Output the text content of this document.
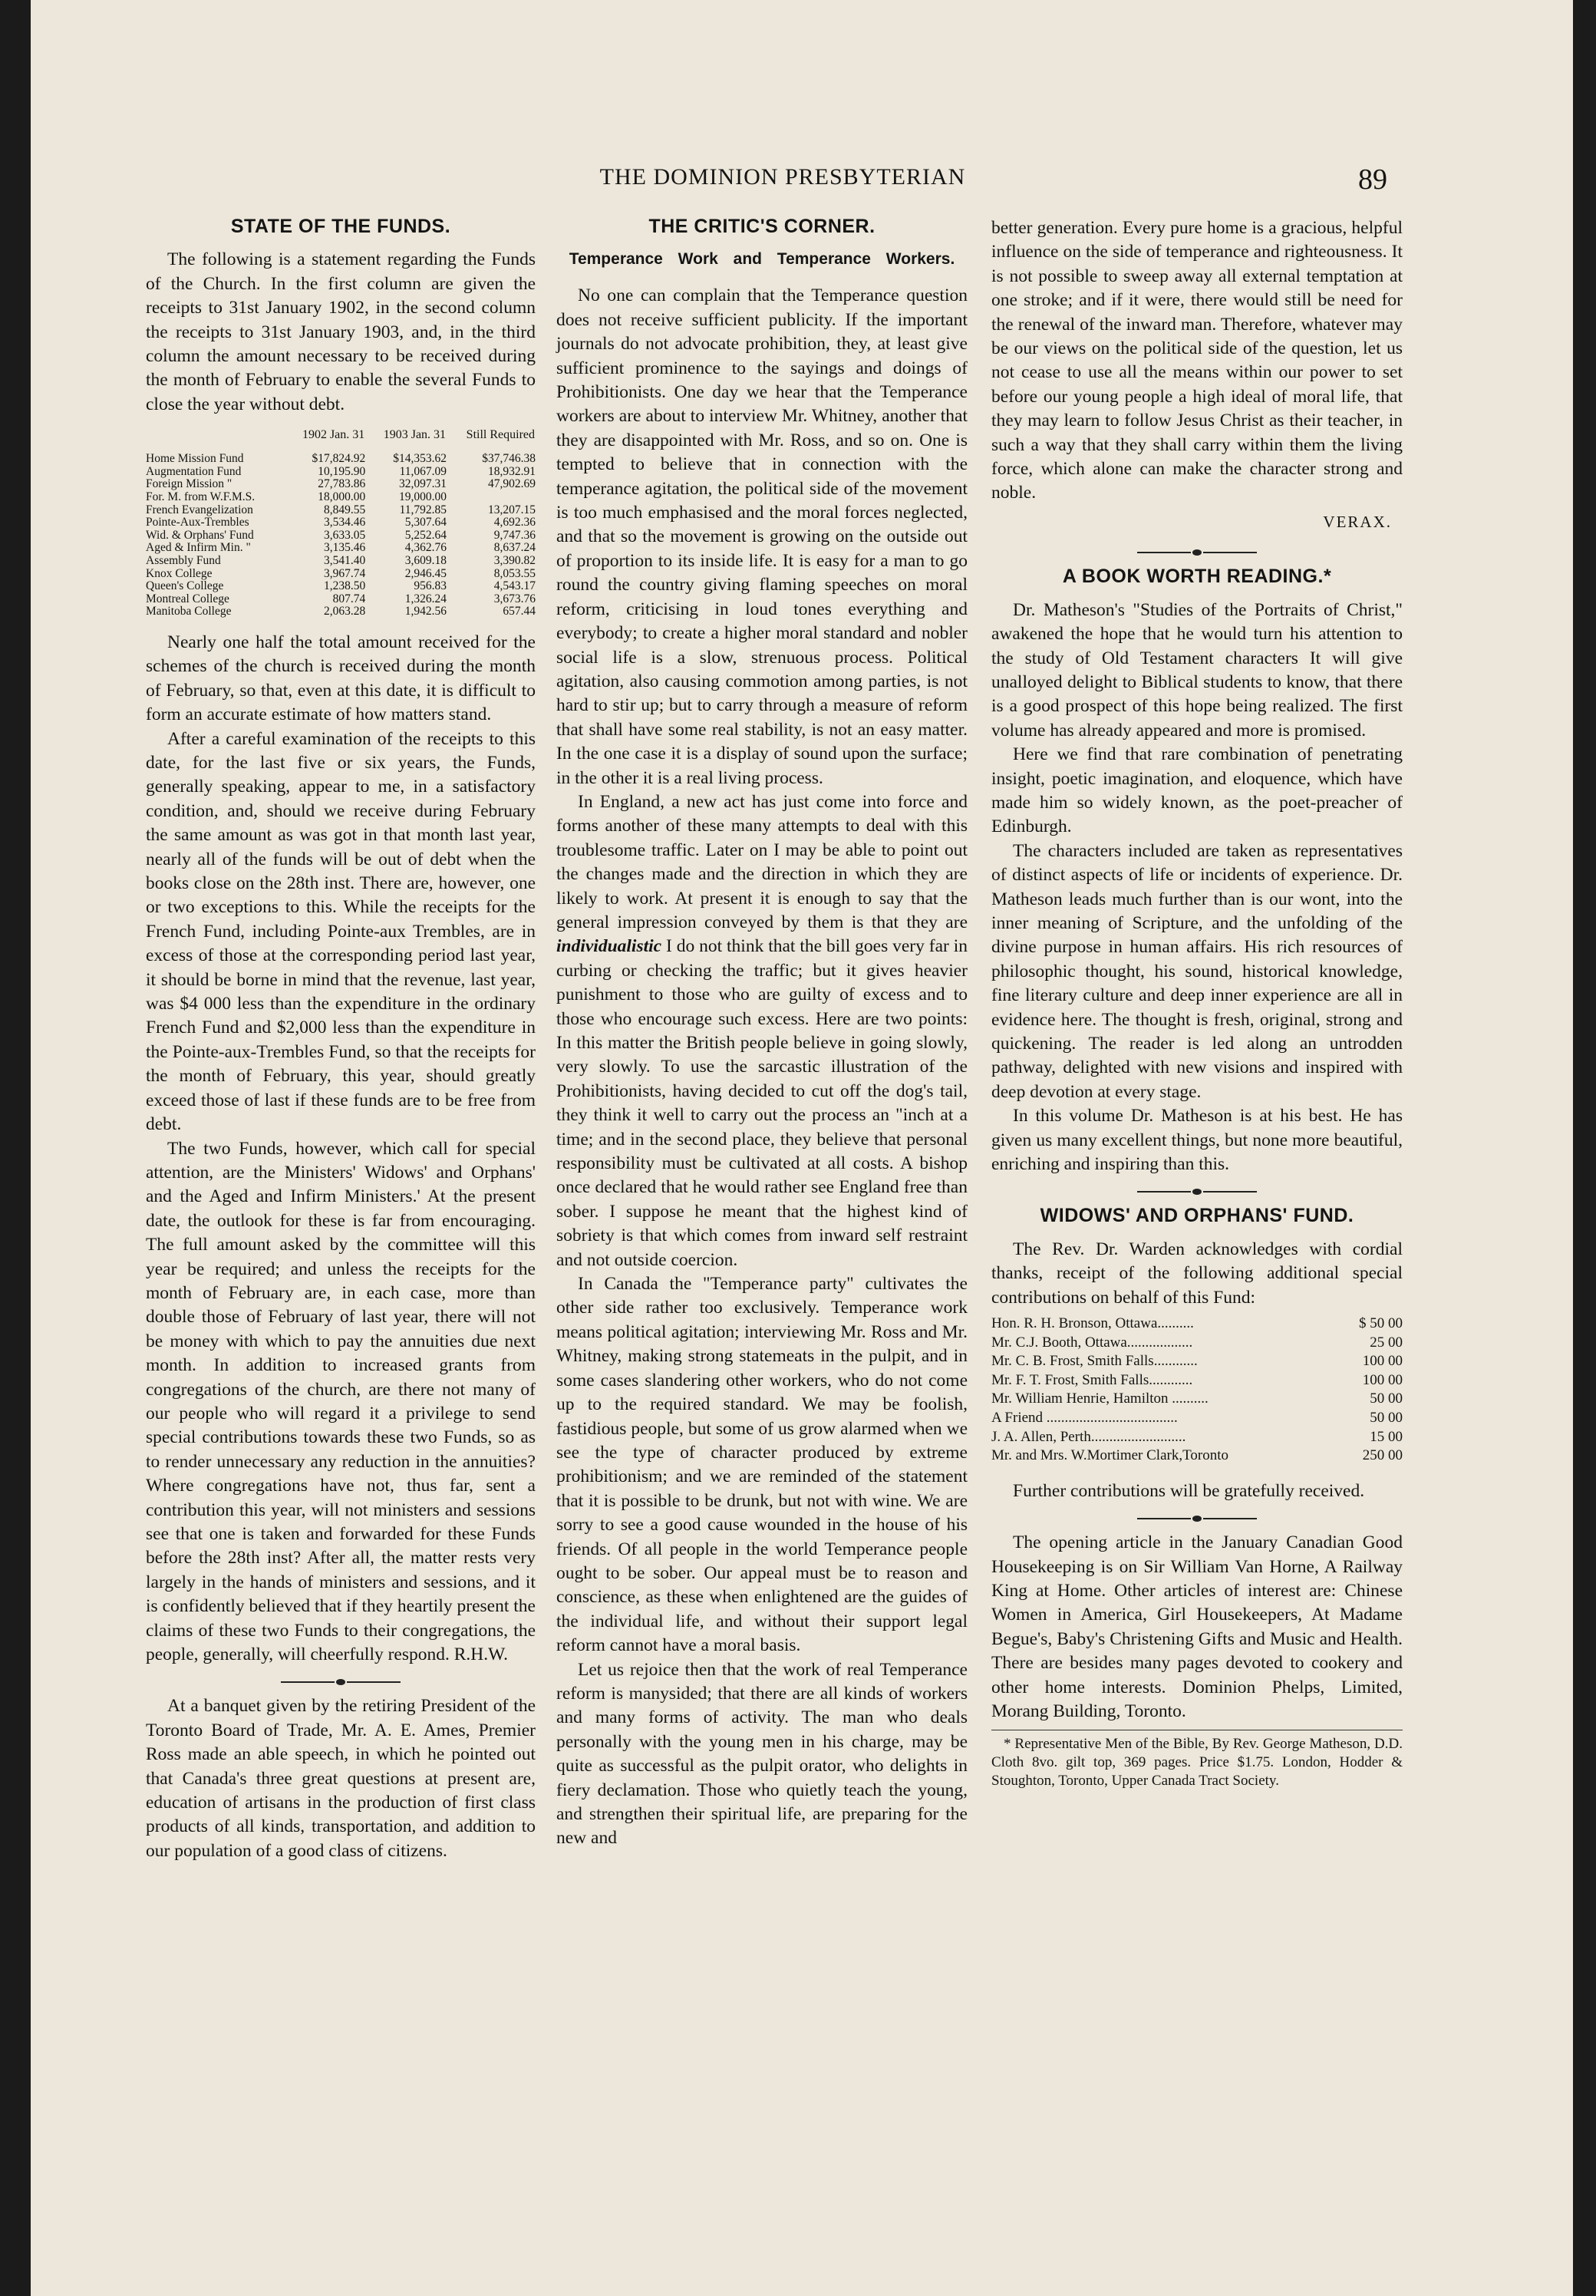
THE DOMINION PRESBYTERIAN	89
STATE OF THE FUNDS.

The following is a statement regarding the Funds of the Church. In the first column are given the receipts to 31st January 1902, in the second column the receipts to 31st January 1903, and, in the third column the amount necessary to be received during the month of February to enable the several Funds to close the year without debt.

	1902 Jan. 31	1903 Jan. 31	Still Required
Home Mission Fund	$17,824.92	$14,353.62	$37,746.38
Augmentation Fund	10,195.90	11,067.09	18,932.91
Foreign Mission "	27,783.86	32,097.31	47,902.69
For. M. from W.F.M.S.	18,000.00	19,000.00	
French Evangelization	8,849.55	11,792.85	13,207.15
Pointe-Aux-Trembles	3,534.46	5,307.64	4,692.36
Wid. & Orphans' Fund	3,633.05	5,252.64	9,747.36
Aged & Infirm Min. "	3,135.46	4,362.76	8,637.24
Assembly Fund	3,541.40	3,609.18	3,390.82
Knox College	3,967.74	2,946.45	8,053.55
Queen's College	1,238.50	956.83	4,543.17
Montreal College	807.74	1,326.24	3,673.76
Manitoba College	2,063.28	1,942.56	657.44

Nearly one half the total amount received for the schemes of the church is received during the month of February, so that, even at this date, it is difficult to form an accurate estimate of how matters stand.

After a careful examination of the receipts to this date, for the last five or six years, the Funds, generally speaking, appear to me, in a satisfactory condition, and, should we receive during February the same amount as was got in that month last year, nearly all of the funds will be out of debt when the books close on the 28th inst. There are, however, one or two exceptions to this. While the receipts for the French Fund, including Pointe-aux Trembles, are in excess of those at the corresponding period last year, it should be borne in mind that the revenue, last year, was $4 000 less than the expenditure in the ordinary French Fund and $2,000 less than the expenditure in the Pointe-aux-Trembles Fund, so that the receipts for the month of February, this year, should greatly exceed those of last if these funds are to be free from debt.

The two Funds, however, which call for special attention, are the Ministers' Widows' and Orphans' and the Aged and Infirm Ministers.' At the present date, the outlook for these is far from encouraging. The full amount asked by the committee will this year be required; and unless the receipts for the month of February are, in each case, more than double those of February of last year, there will not be money with which to pay the annuities due next month. In addition to increased grants from congregations of the church, are there not many of our people who will regard it a privilege to send special contributions towards these two Funds, so as to render unnecessary any reduction in the annuities? Where congregations have not, thus far, sent a contribution this year, will not ministers and sessions see that one is taken and forwarded for these Funds before the 28th inst? After all, the matter rests very largely in the hands of ministers and sessions, and it is confidently believed that if they heartily present the claims of these two Funds to their congregations, the people, generally, will cheerfully respond. R.H.W.

At a banquet given by the retiring President of the Toronto Board of Trade, Mr. A. E. Ames, Premier Ross made an able speech, in which he pointed out that Canada's three great questions at present are, education of artisans in the production of first class products of all kinds, transportation, and addition to our population of a good class of citizens.

THE CRITIC'S CORNER.
Temperance Work and Temperance Workers.

No one can complain that the Temperance question does not receive sufficient publicity. If the important journals do not advocate prohibition, they, at least give sufficient prominence to the sayings and doings of Prohibitionists. One day we hear that the Temperance workers are about to interview Mr. Whitney, another that they are disappointed with Mr. Ross, and so on. One is tempted to believe that in connection with the temperance agitation, the political side of the movement is too much emphasised and the moral forces neglected, and that so the movement is growing on the outside out of proportion to its inside life. It is easy for a man to go round the country giving flaming speeches on moral reform, criticising in loud tones everything and everybody; to create a higher moral standard and nobler social life is a slow, strenuous process. Political agitation, also causing commotion among parties, is not hard to stir up; but to carry through a measure of reform that shall have some real stability, is not an easy matter. In the one case it is a display of sound upon the surface; in the other it is a real living process.

In England, a new act has just come into force and forms another of these many attempts to deal with this troublesome traffic. Later on I may be able to point out the changes made and the direction in which they are likely to work. At present it is enough to say that the general impression conveyed by them is that they are individualistic I do not think that the bill goes very far in curbing or checking the traffic; but it gives heavier punishment to those who are guilty of excess and to those who encourage such excess. Here are two points: In this matter the British people believe in going slowly, very slowly. To use the sarcastic illustration of the Prohibitionists, having decided to cut off the dog's tail, they think it well to carry out the process an "inch at a time; and in the second place, they believe that personal responsibility must be cultivated at all costs. A bishop once declared that he would rather see England free than sober. I suppose he meant that the highest kind of sobriety is that which comes from inward self restraint and not outside coercion.

In Canada the "Temperance party" cultivates the other side rather too exclusively. Temperance work means political agitation; interviewing Mr. Ross and Mr. Whitney, making strong statemeats in the pulpit, and in some cases slandering other workers, who do not come up to the required standard. We may be foolish, fastidious people, but some of us grow alarmed when we see the type of character produced by extreme prohibitionism; and we are reminded of the statement that it is possible to be drunk, but not with wine. We are sorry to see a good cause wounded in the house of his friends. Of all people in the world Temperance people ought to be sober. Our appeal must be to reason and conscience, as these when enlightened are the guides of the individual life, and without their support legal reform cannot have a moral basis.

Let us rejoice then that the work of real Temperance reform is manysided; that there are all kinds of workers and many forms of activity. The man who deals personally with the young men in his charge, may be quite as successful as the pulpit orator, who delights in fiery declamation. Those who quietly teach the young, and strengthen their spiritual life, are preparing for the new and

better generation. Every pure home is a gracious, helpful influence on the side of temperance and righteousness. It is not possible to sweep away all external temptation at one stroke; and if it were, there would still be need for the renewal of the inward man. Therefore, whatever may be our views on the political side of the question, let us not cease to use all the means within our power to set before our young people a high ideal of moral life, that they may learn to follow Jesus Christ as their teacher, in such a way that they shall carry within them the living force, which alone can make the character strong and noble.

VERAX.
A BOOK WORTH READING.*

Dr. Matheson's "Studies of the Portraits of Christ," awakened the hope that he would turn his attention to the study of Old Testament characters It will give unalloyed delight to Biblical students to know, that there is a good prospect of this hope being realized. The first volume has already appeared and more is promised.

Here we find that rare combination of penetrating insight, poetic imagination, and eloquence, which have made him so widely known, as the poet-preacher of Edinburgh.

The characters included are taken as representatives of distinct aspects of life or incidents of experience. Dr. Matheson leads much further than is our wont, into the inner meaning of Scripture, and the unfolding of the divine purpose in human affairs. His rich resources of philosophic thought, his sound, historical knowledge, fine literary culture and deep inner experience are all in evidence here. The thought is fresh, original, strong and quickening. The reader is led along an untrodden pathway, delighted with new visions and inspired with deep devotion at every stage.

In this volume Dr. Matheson is at his best. He has given us many excellent things, but none more beautiful, enriching and inspiring than this.

WIDOWS' AND ORPHANS' FUND.

The Rev. Dr. Warden acknowledges with cordial thanks, receipt of the following additional special contributions on behalf of this Fund:

Hon. R. H. Bronson, Ottawa..........	$ 50 00
Mr. C.J. Booth, Ottawa..................	25 00
Mr. C. B. Frost, Smith Falls............	100 00
Mr. F. T. Frost, Smith Falls............	100 00
Mr. William Henrie, Hamilton ..........	50 00
A Friend ....................................	50 00
J. A. Allen, Perth..........................	15 00
Mr. and Mrs. W.Mortimer Clark,Toronto	250 00

Further contributions will be gratefully received.

The opening article in the January Canadian Good Housekeeping is on Sir William Van Horne, A Railway King at Home. Other articles of interest are: Chinese Women in America, Girl Housekeepers, At Madame Begue's, Baby's Christening Gifts and Music and Health. There are besides many pages devoted to cookery and other home interests. Dominion Phelps, Limited, Morang Building, Toronto.

* Representative Men of the Bible, By Rev. George Matheson, D.D. Cloth 8vo. gilt top, 369 pages. Price $1.75. London, Hodder & Stoughton, Toronto, Upper Canada Tract Society.
